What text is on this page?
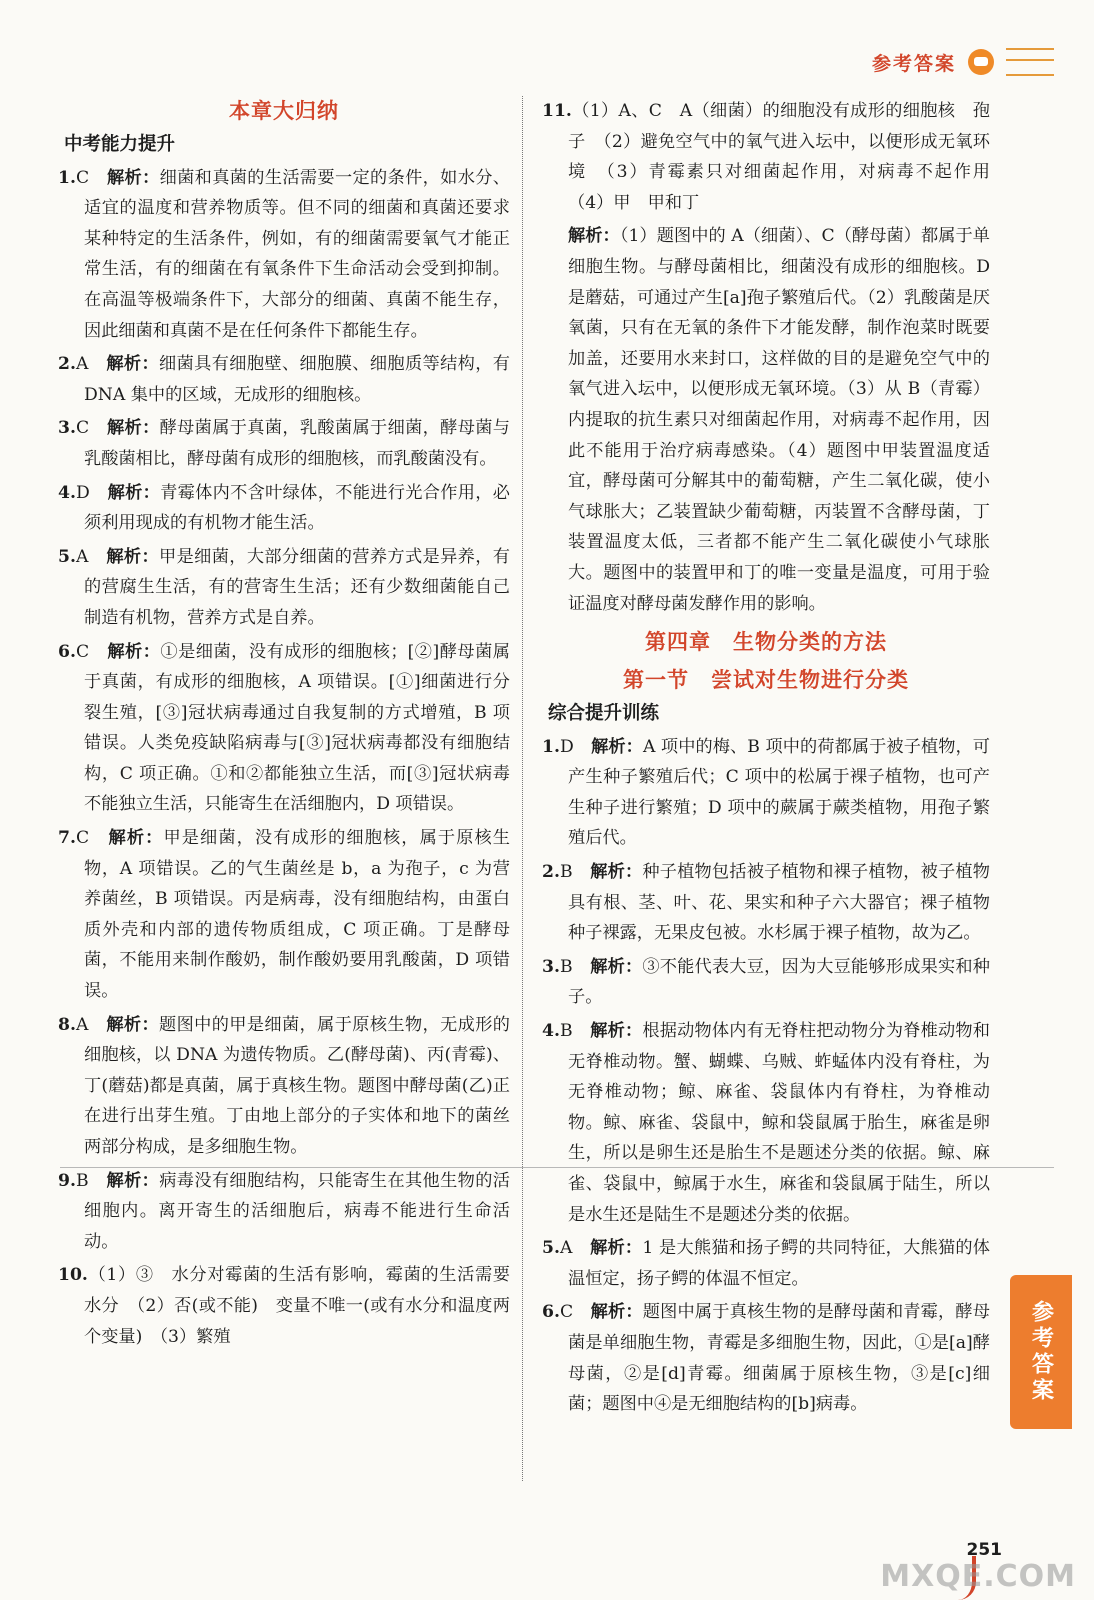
参考答案
本章大归纳
中考能力提升

1.C　 解析：细菌和真菌的生活需要一定的条件，如水分、适宜的温度和营养物质等。但不同的细菌和真菌还要求某种特定的生活条件，例如，有的细菌需要氧气才能正常生活，有的细菌在有氧条件下生命活动会受到抑制。在高温等极端条件下，大部分的细菌、真菌不能生存，因此细菌和真菌不是在任何条件下都能生存。

2.A　 解析：细菌具有细胞壁、细胞膜、细胞质等结构，有 DNA 集中的区域，无成形的细胞核。

3.C　 解析：酵母菌属于真菌，乳酸菌属于细菌，酵母菌与乳酸菌相比，酵母菌有成形的细胞核，而乳酸菌没有。

4.D　 解析：青霉体内不含叶绿体，不能进行光合作用，必须利用现成的有机物才能生活。

5.A　 解析：甲是细菌，大部分细菌的营养方式是异养，有的营腐生生活，有的营寄生生活；还有少数细菌能自己制造有机物，营养方式是自养。

6.C　 解析：①是细菌，没有成形的细胞核；[②]酵母菌属于真菌，有成形的细胞核，A 项错误。[①]细菌进行分裂生殖，[③]冠状病毒通过自我复制的方式增殖，B 项错误。人类免疫缺陷病毒与[③]冠状病毒都没有细胞结构，C 项正确。①和②都能独立生活，而[③]冠状病毒不能独立生活，只能寄生在活细胞内，D 项错误。

7.C　 解析：甲是细菌，没有成形的细胞核，属于原核生物，A 项错误。乙的气生菌丝是 b，a 为孢子，c 为营养菌丝，B 项错误。丙是病毒，没有细胞结构，由蛋白质外壳和内部的遗传物质组成，C 项正确。丁是酵母菌，不能用来制作酸奶，制作酸奶要用乳酸菌，D 项错误。

8.A　 解析：题图中的甲是细菌，属于原核生物，无成形的细胞核，以 DNA 为遗传物质。乙(酵母菌)、丙(青霉)、丁(蘑菇)都是真菌，属于真核生物。题图中酵母菌(乙)正在进行出芽生殖。丁由地上部分的子实体和地下的菌丝两部分构成，是多细胞生物。

9.B　 解析：病毒没有细胞结构，只能寄生在其他生物的活细胞内。离开寄生的活细胞后，病毒不能进行生命活动。

10.（1）③　水分对霉菌的生活有影响，霉菌的生活需要水分　（2）否(或不能)　变量不唯一(或有水分和温度两个变量)　（3）繁殖

11.（1）A、C　A（细菌）的细胞没有成形的细胞核　孢子　（2）避免空气中的氧气进入坛中，以便形成无氧环境　（3）青霉素只对细菌起作用，对病毒不起作用　（4）甲　甲和丁

解析：（1）题图中的 A（细菌）、C（酵母菌）都属于单细胞生物。与酵母菌相比，细菌没有成形的细胞核。D 是蘑菇，可通过产生[a]孢子繁殖后代。（2）乳酸菌是厌氧菌，只有在无氧的条件下才能发酵，制作泡菜时既要加盖，还要用水来封口，这样做的目的是避免空气中的氧气进入坛中，以便形成无氧环境。（3）从 B（青霉）内提取的抗生素只对细菌起作用，对病毒不起作用，因此不能用于治疗病毒感染。（4）题图中甲装置温度适宜，酵母菌可分解其中的葡萄糖，产生二氧化碳，使小气球胀大；乙装置缺少葡萄糖，丙装置不含酵母菌，丁装置温度太低，三者都不能产生二氧化碳使小气球胀大。题图中的装置甲和丁的唯一变量是温度，可用于验证温度对酵母菌发酵作用的影响。

第四章　生物分类的方法
第一节　尝试对生物进行分类
综合提升训练

1.D　 解析：A 项中的梅、B 项中的荷都属于被子植物，可产生种子繁殖后代；C 项中的松属于裸子植物，也可产生种子进行繁殖；D 项中的蕨属于蕨类植物，用孢子繁殖后代。

2.B　 解析：种子植物包括被子植物和裸子植物，被子植物具有根、茎、叶、花、果实和种子六大器官；裸子植物种子裸露，无果皮包被。水杉属于裸子植物，故为乙。

3.B　 解析：③不能代表大豆，因为大豆能够形成果实和种子。

4.B　 解析：根据动物体内有无脊柱把动物分为脊椎动物和无脊椎动物。蟹、蝴蝶、乌贼、蚱蜢体内没有脊柱，为无脊椎动物；鲸、麻雀、袋鼠体内有脊柱，为脊椎动物。鲸、麻雀、袋鼠中，鲸和袋鼠属于胎生，麻雀是卵生，所以是卵生还是胎生不是题述分类的依据。鲸、麻雀、袋鼠中，鲸属于水生，麻雀和袋鼠属于陆生，所以是水生还是陆生不是题述分类的依据。

5.A　 解析：1 是大熊猫和扬子鳄的共同特征，大熊猫的体温恒定，扬子鳄的体温不恒定。

6.C　 解析：题图中属于真核生物的是酵母菌和青霉，酵母菌是单细胞生物，青霉是多细胞生物，因此，①是[a]酵母菌，②是[d]青霉。细菌属于原核生物，③是[c]细菌；题图中④是无细胞结构的[b]病毒。

参考答案
251
MXQE.COM
